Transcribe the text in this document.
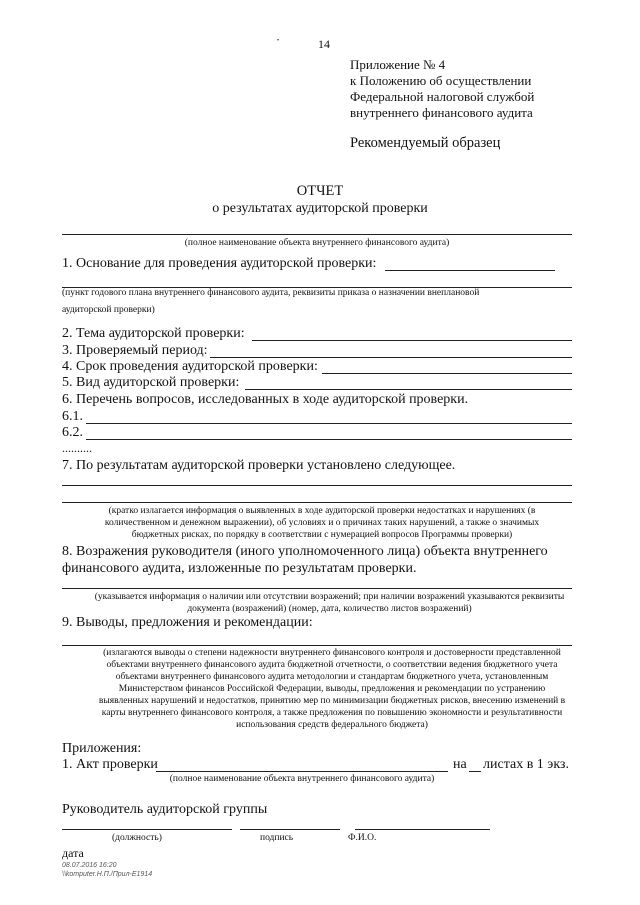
14
•
Приложение № 4
к Положению об осуществлении
Федеральной налоговой службой
внутреннего финансового аудита
Рекомендуемый образец
ОТЧЕТ
о результатах аудиторской проверки
(полное наименование объекта внутреннего финансового аудита)
1. Основание для проведения аудиторской проверки:
(пункт годового плана внутреннего финансового аудита, реквизиты приказа о назначении внеплановой
аудиторской проверки)
2. Тема аудиторской проверки:
3. Проверяемый период:
4. Срок проведения аудиторской проверки:
5. Вид аудиторской проверки:
6. Перечень вопросов, исследованных в ходе аудиторской проверки.
6.1.
6.2.
..........
7. По результатам аудиторской проверки установлено следующее.
(кратко излагается информация о выявленных в ходе аудиторской проверки недостатках и нарушениях (в
количественном и денежном выражении), об условиях и о причинах таких нарушений, а также о значимых
бюджетных рисках, по порядку в соответствии с нумерацией вопросов Программы проверки)
8. Возражения руководителя (иного уполномоченного лица) объекта внутреннего
финансового аудита, изложенные по результатам проверки.
(указывается информация о наличии или отсутствии возражений; при наличии возражений указываются реквизиты
документа (возражений) (номер, дата, количество листов возражений)
9. Выводы, предложения и рекомендации:
(излагаются выводы о степени надежности внутреннего финансового контроля и достоверности представленной
объектами внутреннего финансового аудита бюджетной отчетности, о соответствии ведения бюджетного учета
объектами внутреннего финансового аудита методологии и стандартам бюджетного учета, установленным
Министерством финансов Российской Федерации, выводы, предложения и рекомендации по устранению
выявленных нарушений и недостатков, принятию мер по минимизации бюджетных рисков, внесению изменений в
карты внутреннего финансового контроля, а также предложения по повышению экономности и результативности
использования средств федерального бюджета)
Приложения:
1. Акт проверки	на листах в 1 экз.
(полное наименование объекта внутреннего финансового аудита)
Руководитель аудиторской группы
(должность)	подпись	Ф.И.О.
дата
08.07.2016 16:20
\\komputer.Н.П./Прил-Е1914
